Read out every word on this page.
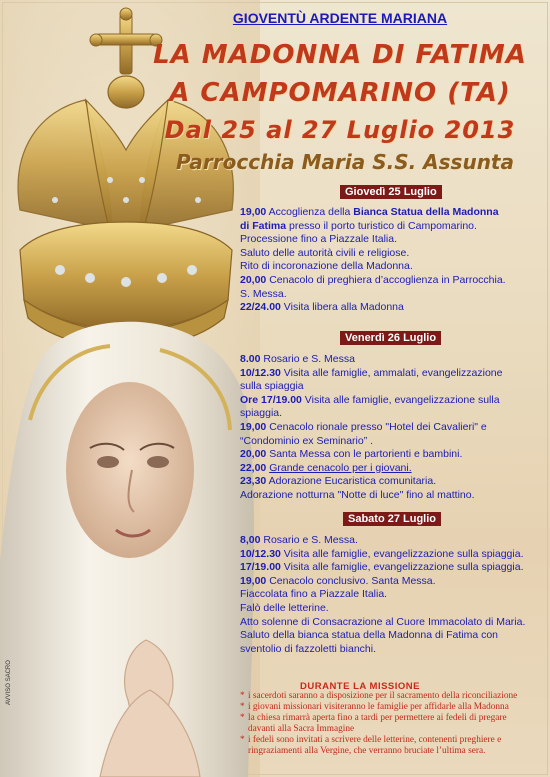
GIOVENTÙ ARDENTE MARIANA
LA MADONNA DI FATIMA
A CAMPOMARINO (TA)
Dal 25 al 27 Luglio 2013
Parrocchia Maria S.S. Assunta
Giovedì 25 Luglio
19,00 Accoglienza della Bianca Statua della Madonna
di Fatima presso il porto turistico di Campomarino.
Processione fino a Piazzale Italia.
Saluto delle autorità civili e religiose.
Rito di incoronazione della Madonna.
20,00 Cenacolo di preghiera d’accoglienza in Parrocchia.
S. Messa.
22/24.00 Visita libera alla Madonna
Venerdì 26 Luglio
8.00 Rosario e S. Messa
10/12.30 Visita alle famiglie, ammalati, evangelizzazione
sulla spiaggia
Ore 17/19.00 Visita alle famiglie, evangelizzazione sulla
spiaggia.
19,00 Cenacolo rionale presso "Hotel dei Cavalieri" e
“Condominio ex Seminario” .
20,00 Santa Messa con le partorienti e bambini.
22,00 Grande cenacolo per i giovani.
23,30 Adorazione Eucaristica comunitaria.
Adorazione notturna "Notte di luce" fino al mattino.
Sabato 27 Luglio
8,00 Rosario e S. Messa.
10/12.30 Visita alle famiglie, evangelizzazione sulla spiaggia.
17/19.00 Visita alle famiglie, evangelizzazione sulla spiaggia.
19,00 Cenacolo conclusivo. Santa Messa.
Fiaccolata fino a Piazzale Italia.
Falò delle letterine.
Atto solenne di Consacrazione al Cuore Immacolato di Maria.
Saluto della bianca statua della Madonna di Fatima con
sventolio di fazzoletti bianchi.
DURANTE LA MISSIONE
* i sacerdoti saranno a disposizione per il sacramento della riconciliazione
* i giovani missionari visiteranno le famiglie per affidarle alla Madonna
* la chiesa rimarrà aperta fino a tardi per permettere ai fedeli di pregare
davanti alla Sacra Immagine
* i fedeli sono invitati a scrivere delle letterine, contenenti preghiere e
ringraziamenti alla Vergine, che verranno bruciate l’ultima sera.
AVVISO SACRO
